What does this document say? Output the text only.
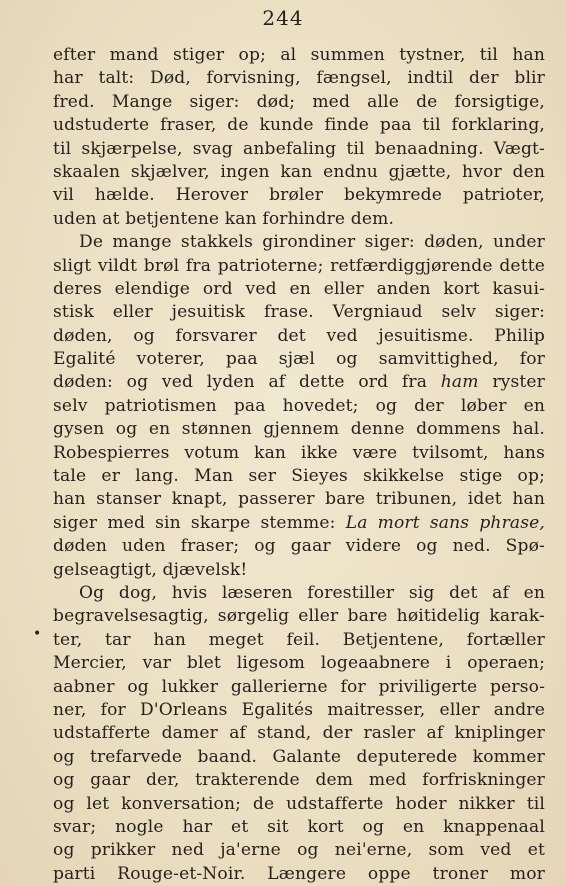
244
•
efter mand stiger op; al summen tystner, til han
har talt: Død, forvisning, fængsel, indtil der blir
fred. Mange siger: død; med alle de forsigtige,
udstuderte fraser, de kunde finde paa til forklaring,
til skjærpelse, svag anbefaling til benaadning. Vægt-
skaalen skjælver, ingen kan endnu gjætte, hvor den
vil hælde. Herover brøler bekymrede patrioter,
uden at betjentene kan forhindre dem.
De mange stakkels girondiner siger: døden, under
sligt vildt brøl fra patrioterne; retfærdiggjørende dette
deres elendige ord ved en eller anden kort kasui-
stisk eller jesuitisk frase. Vergniaud selv siger:
døden, og forsvarer det ved jesuitisme. Philip
Egalité voterer, paa sjæl og samvittighed, for
døden: og ved lyden af dette ord fra ham ryster
selv patriotismen paa hovedet; og der løber en
gysen og en stønnen gjennem denne dommens hal.
Robespierres votum kan ikke være tvilsomt, hans
tale er lang. Man ser Sieyes skikkelse stige op;
han stanser knapt, passerer bare tribunen, idet han
siger med sin skarpe stemme: La mort sans phrase,
døden uden fraser; og gaar videre og ned. Spø-
gelseagtigt, djævelsk!
Og dog, hvis læseren forestiller sig det af en
begravelsesagtig, sørgelig eller bare høitidelig karak-
ter, tar han meget feil. Betjentene, fortæller
Mercier, var blet ligesom logeaabnere i operaen;
aabner og lukker gallerierne for priviligerte perso-
ner, for D'Orleans Egalités maitresser, eller andre
udstafferte damer af stand, der rasler af kniplinger
og trefarvede baand. Galante deputerede kommer
og gaar der, trakterende dem med forfriskninger
og let konversation; de udstafferte hoder nikker til
svar; nogle har et sit kort og en knappenaal
og prikker ned ja'erne og nei'erne, som ved et
parti Rouge-et-Noir. Længere oppe troner mor
